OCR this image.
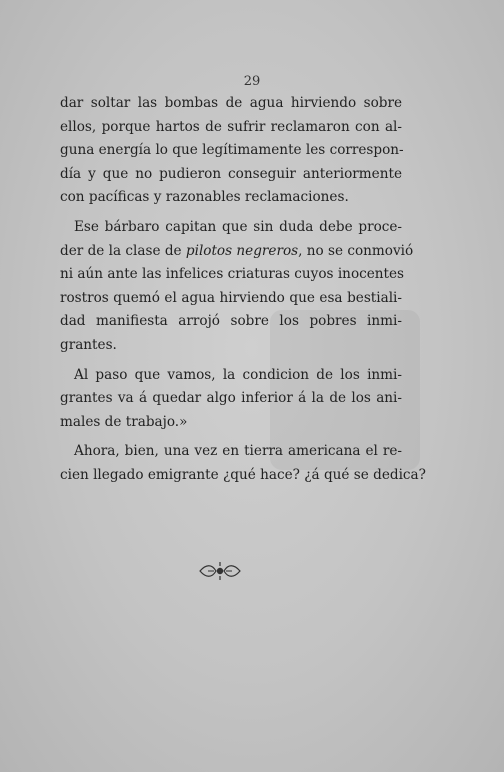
29
dar soltar las bombas de agua hirviendo sobre
ellos, porque hartos de sufrir reclamaron con al-
guna energía lo que legítimamente les correspon-
día y que no pudieron conseguir anteriormente
con pacíficas y razonables reclamaciones.
Ese bárbaro capitan que sin duda debe proce-
der de la clase de pilotos negreros, no se conmovió
ni aún ante las infelices criaturas cuyos inocentes
rostros quemó el agua hirviendo que esa bestiali-
dad manifiesta arrojó sobre los pobres inmi-
grantes.
Al paso que vamos, la condicion de los inmi-
grantes va á quedar algo inferior á la de los ani-
males de trabajo.»
Ahora, bien, una vez en tierra americana el re-
cien llegado emigrante ¿qué hace? ¿á qué se dedica?
